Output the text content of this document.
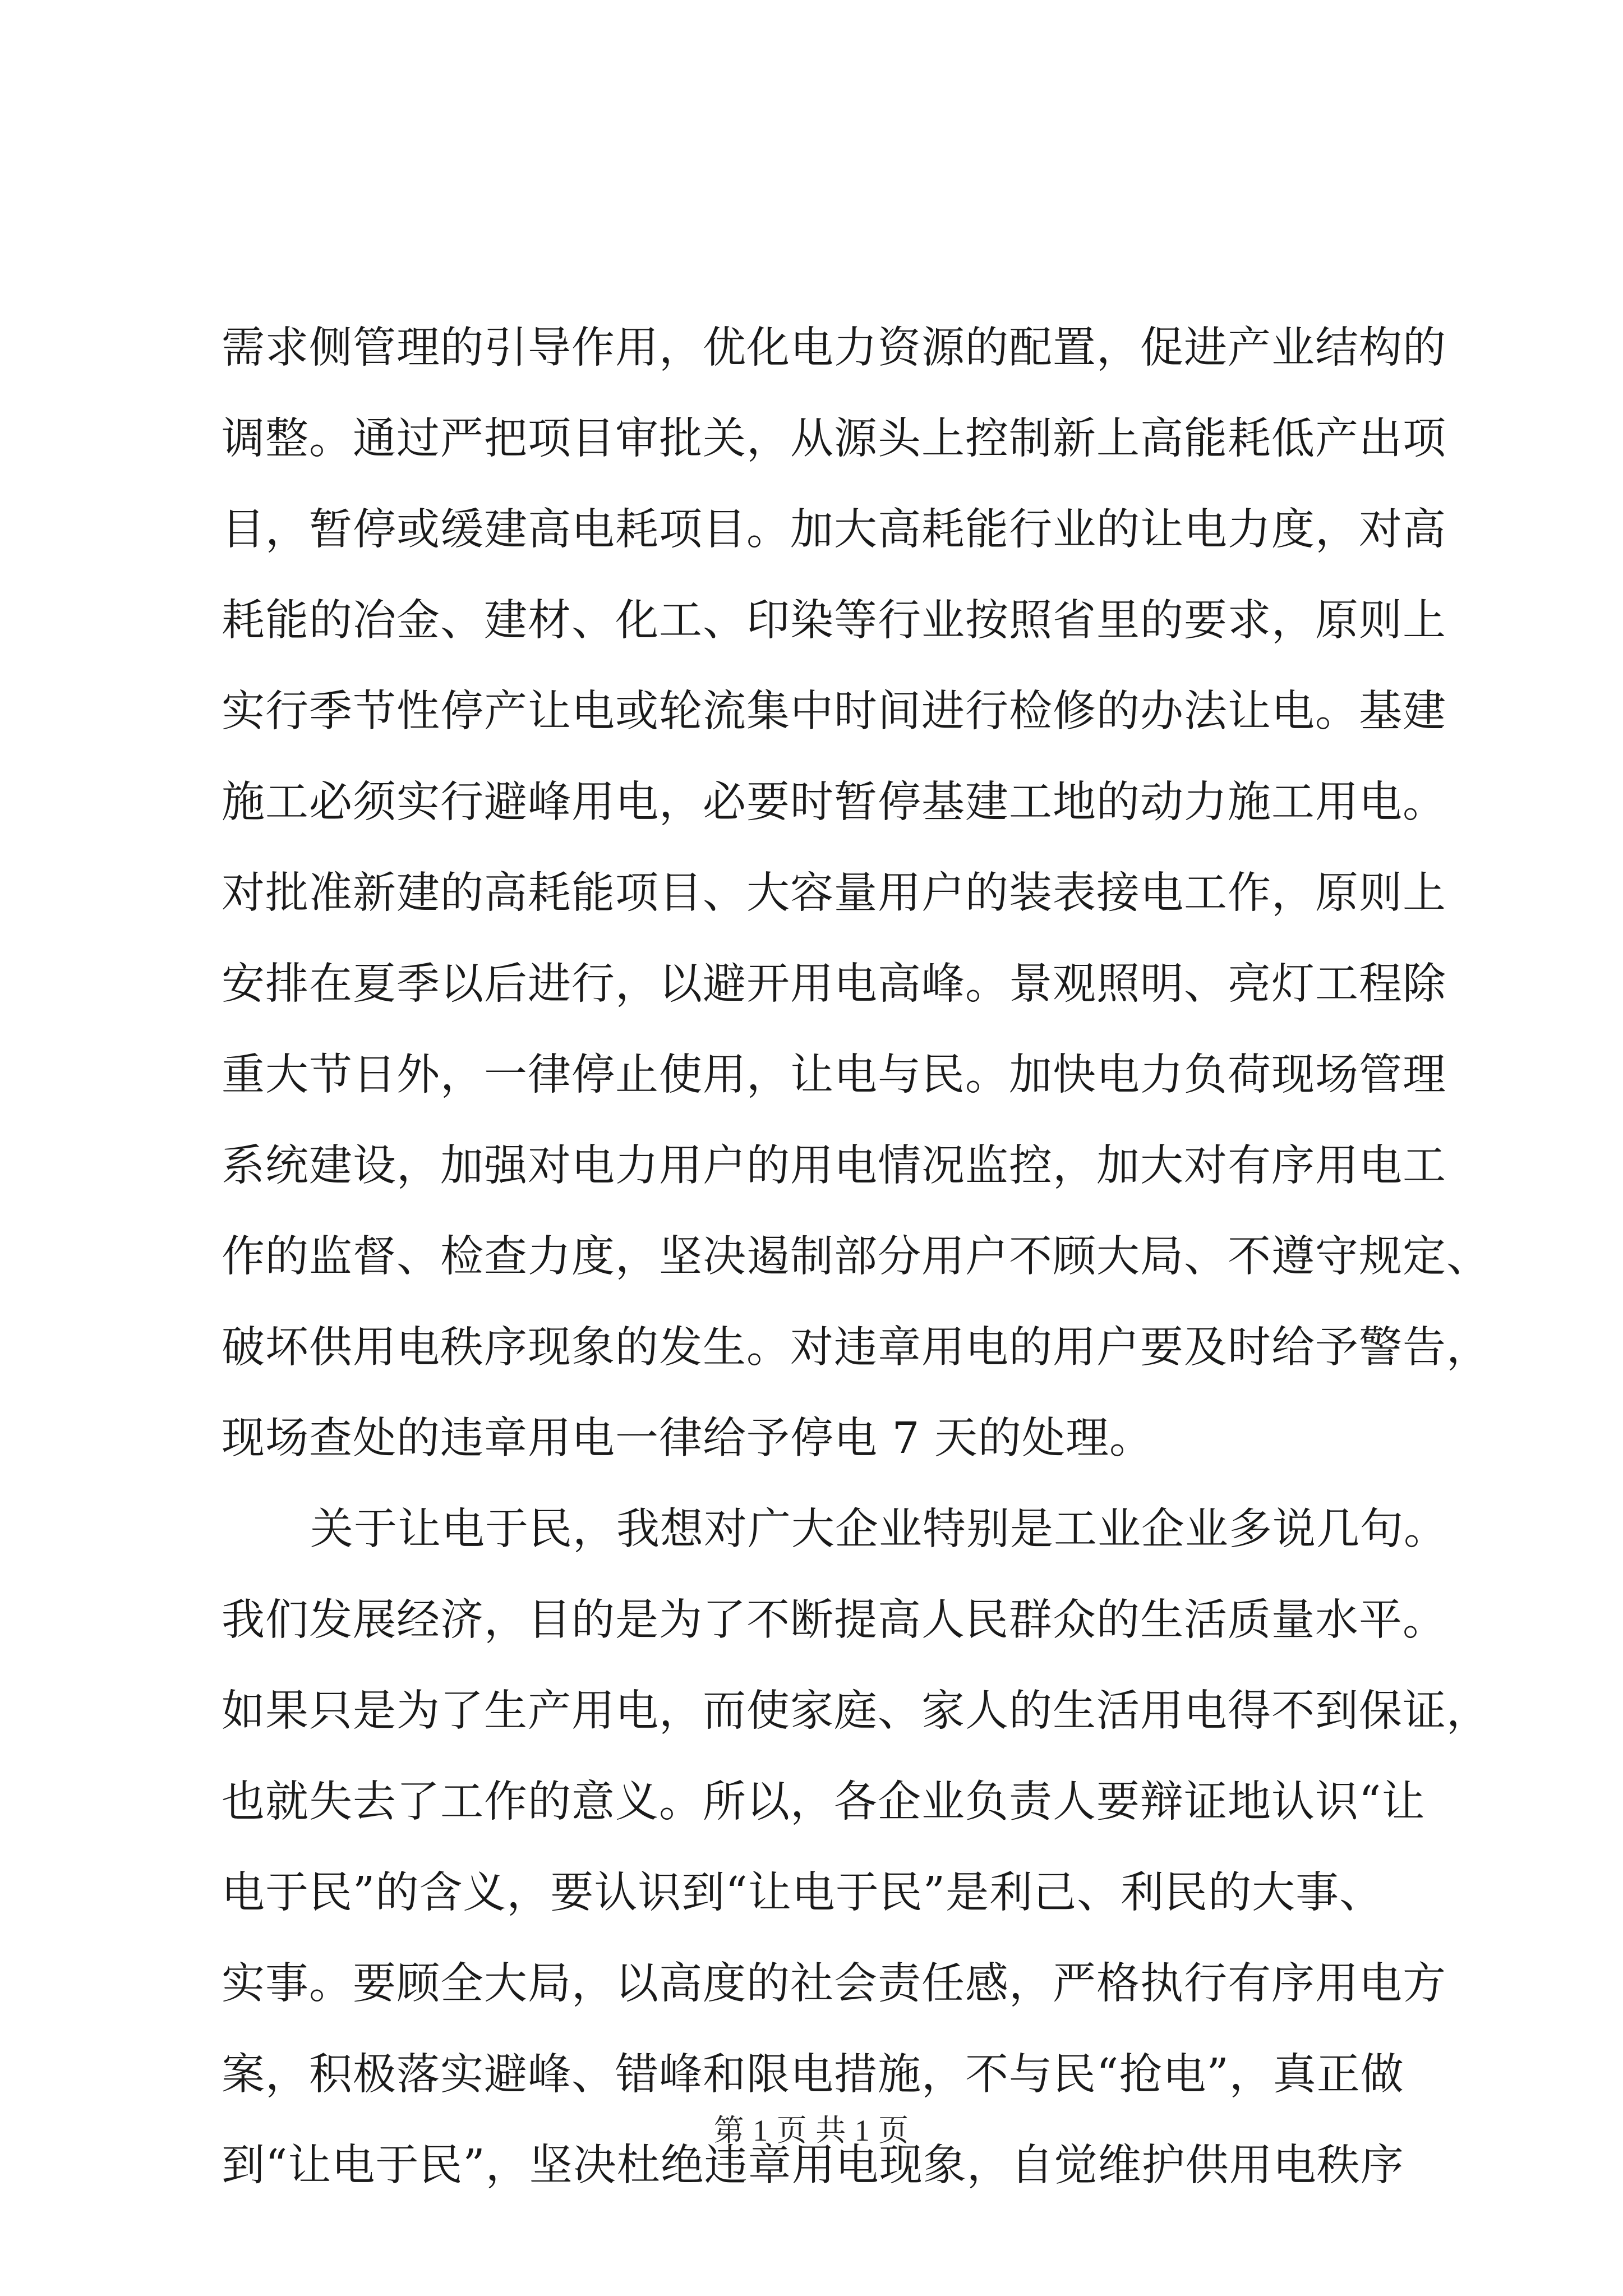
需求侧管理的引导作用，优化电力资源的配置，促进产业结构的
调整。通过严把项目审批关，从源头上控制新上高能耗低产出项
目，暂停或缓建高电耗项目。加大高耗能行业的让电力度，对高
耗能的冶金、建材、化工、印染等行业按照省里的要求，原则上
实行季节性停产让电或轮流集中时间进行检修的办法让电。基建
施工必须实行避峰用电，必要时暂停基建工地的动力施工用电。
对批准新建的高耗能项目、大容量用户的装表接电工作，原则上
安排在夏季以后进行，以避开用电高峰。景观照明、亮灯工程除
重大节日外，一律停止使用，让电与民。加快电力负荷现场管理
系统建设，加强对电力用户的用电情况监控，加大对有序用电工
作的监督、检查力度，坚决遏制部分用户不顾大局、不遵守规定、
破坏供用电秩序现象的发生。对违章用电的用户要及时给予警告，
现场查处的违章用电一律给予停电 7 天的处理。
关于让电于民，我想对广大企业特别是工业企业多说几句。
我们发展经济，目的是为了不断提高人民群众的生活质量水平。
如果只是为了生产用电，而使家庭、家人的生活用电得不到保证，
也就失去了工作的意义。所以，各企业负责人要辩证地认识“让
电于民”的含义，要认识到“让电于民”是利己、利民的大事、
实事。要顾全大局，以高度的社会责任感，严格执行有序用电方
案，积极落实避峰、错峰和限电措施，不与民“抢电”，真正做
到“让电于民”，坚决杜绝违章用电现象，自觉维护供用电秩序
第 1 页 共 1 页
